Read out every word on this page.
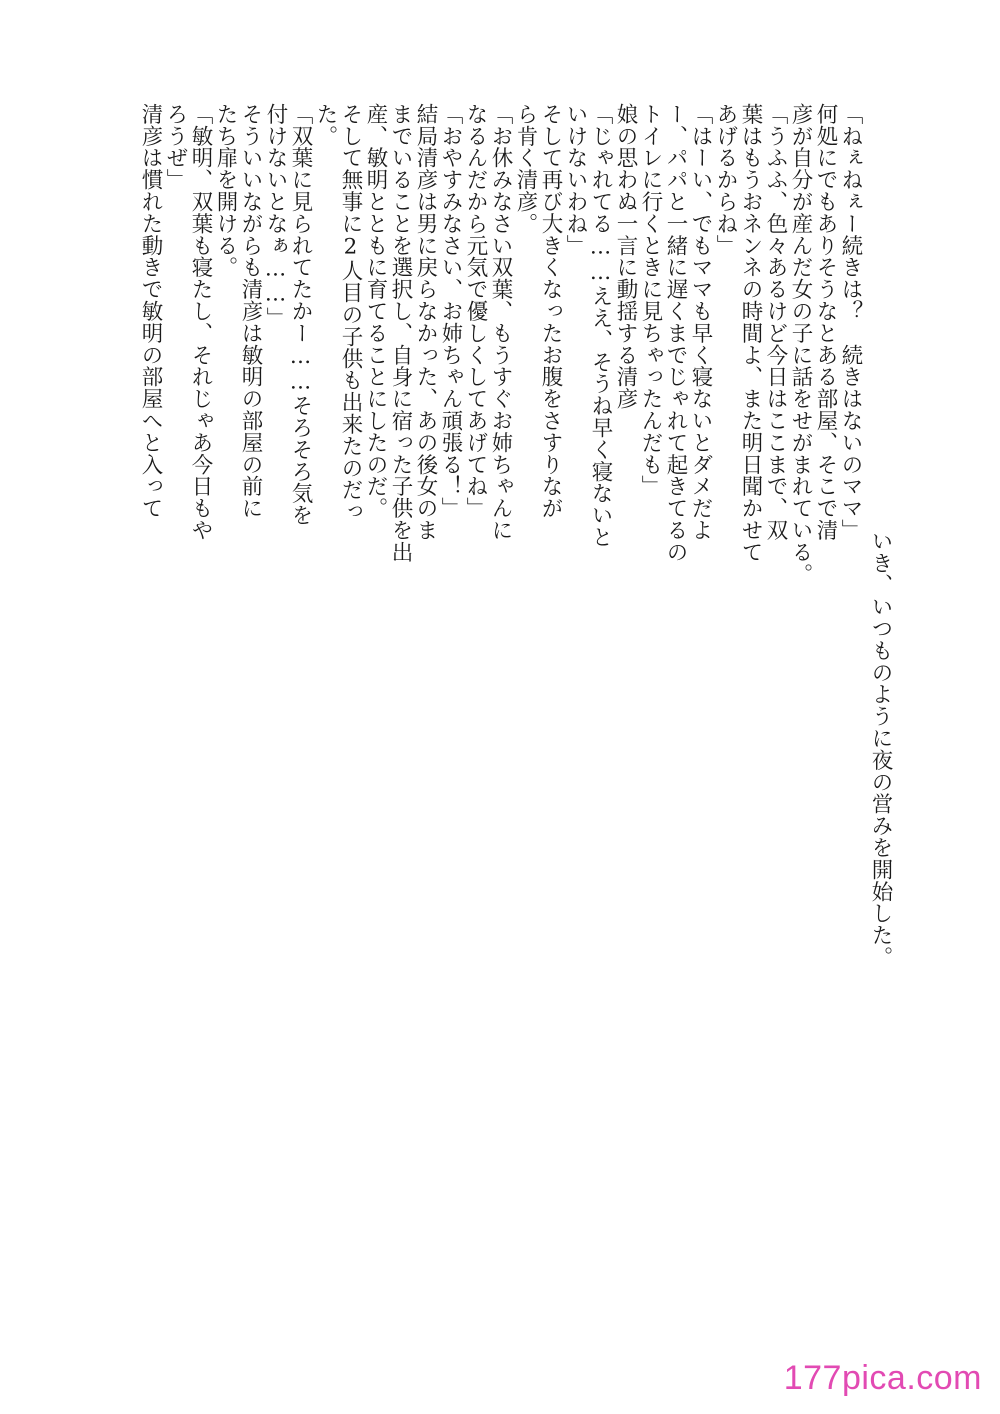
いき、いつものように夜の営みを開始した。
「ねぇねぇー続きは？　続きはないのママ」
何処にでもありそうなとある部屋、そこで清
彦が自分が産んだ女の子に話をせがまれている。
「うふふ、色々あるけど今日はここまで、双
葉はもうおネンネの時間よ、また明日聞かせて
あげるからね」
「はーい、でもママも早く寝ないとダメだよ
ー、パパと一緒に遅くまでじゃれて起きてるの
トイレに行くときに見ちゃったんだも」
娘の思わぬ一言に動揺する清彦
「じゃれてる……ええ、そうね早く寝ないと
いけないわね」
そして再び大きくなったお腹をさすりなが
ら肯く清彦。
「お休みなさい双葉、もうすぐお姉ちゃんに
なるんだから元気で優しくしてあげてね」
「おやすみなさい、お姉ちゃん頑張る！」
結局清彦は男に戻らなかった、あの後女のま
までいることを選択し、自身に宿った子供を出
産、敏明とともに育てることにしたのだ。
そして無事に2人目の子供も出来たのだっ
た。
「双葉に見られてたかー……そろそろ気を
付けないとなぁ……」
そういいながらも清彦は敏明の部屋の前に
たち扉を開ける。
「敏明、双葉も寝たし、それじゃあ今日もや
ろうぜ」
清彦は慣れた動きで敏明の部屋へと入って
177pica.com
